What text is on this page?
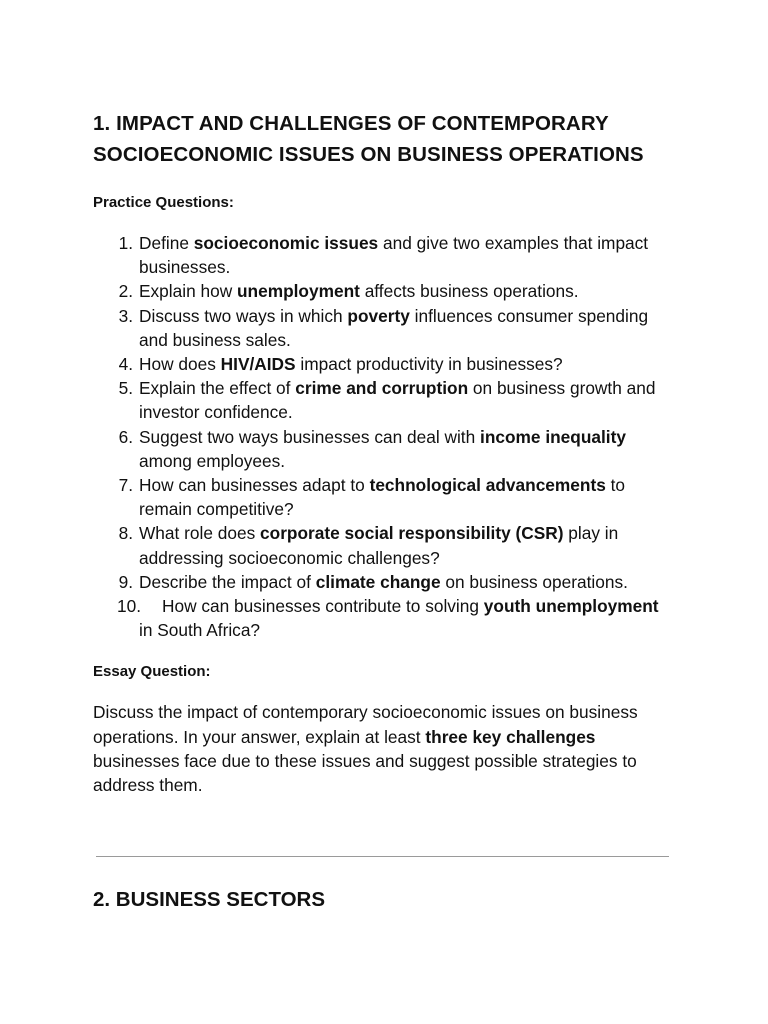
1. IMPACT AND CHALLENGES OF CONTEMPORARY SOCIOECONOMIC ISSUES ON BUSINESS OPERATIONS

Practice Questions:

1. Define socioeconomic issues and give two examples that impact businesses.
2. Explain how unemployment affects business operations.
3. Discuss two ways in which poverty influences consumer spending and business sales.
4. How does HIV/AIDS impact productivity in businesses?
5. Explain the effect of crime and corruption on business growth and investor confidence.
6. Suggest two ways businesses can deal with income inequality among employees.
7. How can businesses adapt to technological advancements to remain competitive?
8. What role does corporate social responsibility (CSR) play in addressing socioeconomic challenges?
9. Describe the impact of climate change on business operations.
10. How can businesses contribute to solving youth unemployment in South Africa?

Essay Question:

Discuss the impact of contemporary socioeconomic issues on business operations. In your answer, explain at least three key challenges businesses face due to these issues and suggest possible strategies to address them.

2. BUSINESS SECTORS
